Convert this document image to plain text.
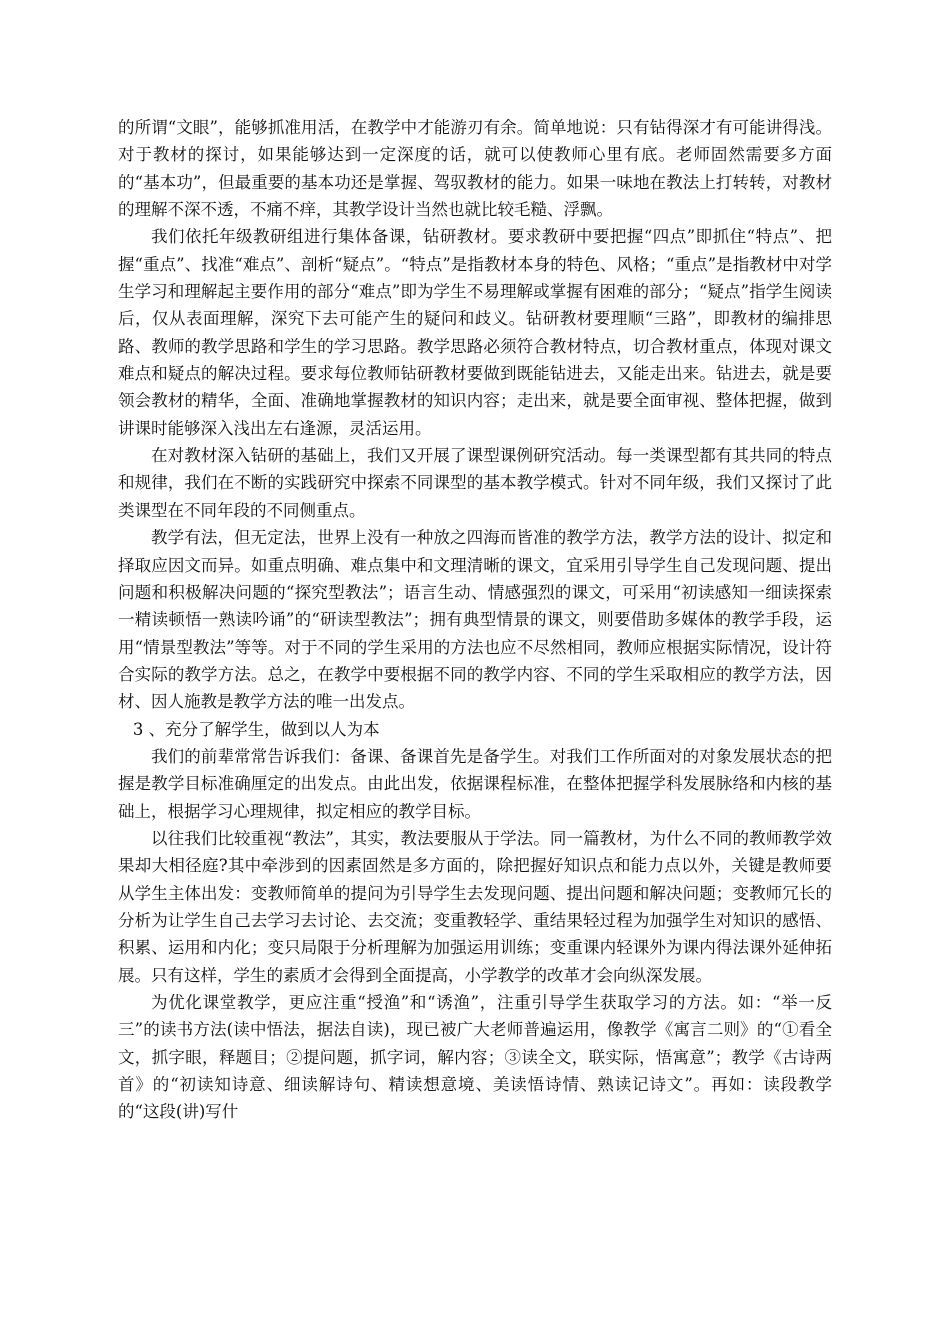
的所谓“文眼”，能够抓准用活，在教学中才能游刃有余。简单地说：只有钻得深才有可能讲得浅。对于教材的探讨，如果能够达到一定深度的话，就可以使教师心里有底。老师固然需要多方面的“基本功”，但最重要的基本功还是掌握、驾驭教材的能力。如果一味地在教法上打转转，对教材的理解不深不透，不痛不痒，其教学设计当然也就比较毛糙、浮飘。

我们依托年级教研组进行集体备课，钻研教材。要求教研中要把握“四点”即抓住“特点”、把握“重点”、找准“难点”、剖析“疑点”。“特点”是指教材本身的特色、风格；“重点”是指教材中对学生学习和理解起主要作用的部分“难点”即为学生不易理解或掌握有困难的部分；“疑点”指学生阅读后，仅从表面理解，深究下去可能产生的疑问和歧义。钻研教材要理顺“三路”，即教材的编排思路、教师的教学思路和学生的学习思路。教学思路必须符合教材特点，切合教材重点，体现对课文难点和疑点的解决过程。要求每位教师钻研教材要做到既能钻进去，又能走出来。钻进去，就是要领会教材的精华，全面、准确地掌握教材的知识内容；走出来，就是要全面审视、整体把握，做到讲课时能够深入浅出左右逢源，灵活运用。

在对教材深入钻研的基础上，我们又开展了课型课例研究活动。每一类课型都有其共同的特点和规律，我们在不断的实践研究中探索不同课型的基本教学模式。针对不同年级，我们又探讨了此类课型在不同年段的不同侧重点。

教学有法，但无定法，世界上没有一种放之四海而皆准的教学方法，教学方法的设计、拟定和择取应因文而异。如重点明确、难点集中和文理清晰的课文，宜采用引导学生自己发现问题、提出问题和积极解决问题的“探究型教法”；语言生动、情感强烈的课文，可采用“初读感知一细读探索一精读顿悟一熟读吟诵”的“研读型教法”；拥有典型情景的课文，则要借助多媒体的教学手段，运用“情景型教法”等等。对于不同的学生采用的方法也应不尽然相同，教师应根据实际情况，设计符合实际的教学方法。总之，在教学中要根据不同的教学内容、不同的学生采取相应的教学方法，因材、因人施教是教学方法的唯一出发点。

3 、充分了解学生，做到以人为本

我们的前辈常常告诉我们：备课、备课首先是备学生。对我们工作所面对的对象发展状态的把握是教学目标准确厘定的出发点。由此出发，依据课程标准，在整体把握学科发展脉络和内核的基础上，根据学习心理规律，拟定相应的教学目标。

以往我们比较重视“教法”，其实，教法要服从于学法。同一篇教材，为什么不同的教师教学效果却大相径庭?其中牵涉到的因素固然是多方面的，除把握好知识点和能力点以外，关键是教师要从学生主体出发：变教师简单的提问为引导学生去发现问题、提出问题和解决问题；变教师冗长的分析为让学生自己去学习去讨论、去交流；变重教轻学、重结果轻过程为加强学生对知识的感悟、积累、运用和内化；变只局限于分析理解为加强运用训练；变重课内轻课外为课内得法课外延伸拓展。只有这样，学生的素质才会得到全面提高，小学教学的改革才会向纵深发展。

为优化课堂教学，更应注重“授渔”和“诱渔”，注重引导学生获取学习的方法。如：“举一反三”的读书方法(读中悟法，据法自读)，现已被广大老师普遍运用，像教学《寓言二则》的“①看全文，抓字眼，释题目；②提问题，抓字词，解内容；③读全文，联实际，悟寓意”；教学《古诗两首》的“初读知诗意、细读解诗句、精读想意境、美读悟诗情、熟读记诗文”。再如：读段教学的“这段(讲)写什
